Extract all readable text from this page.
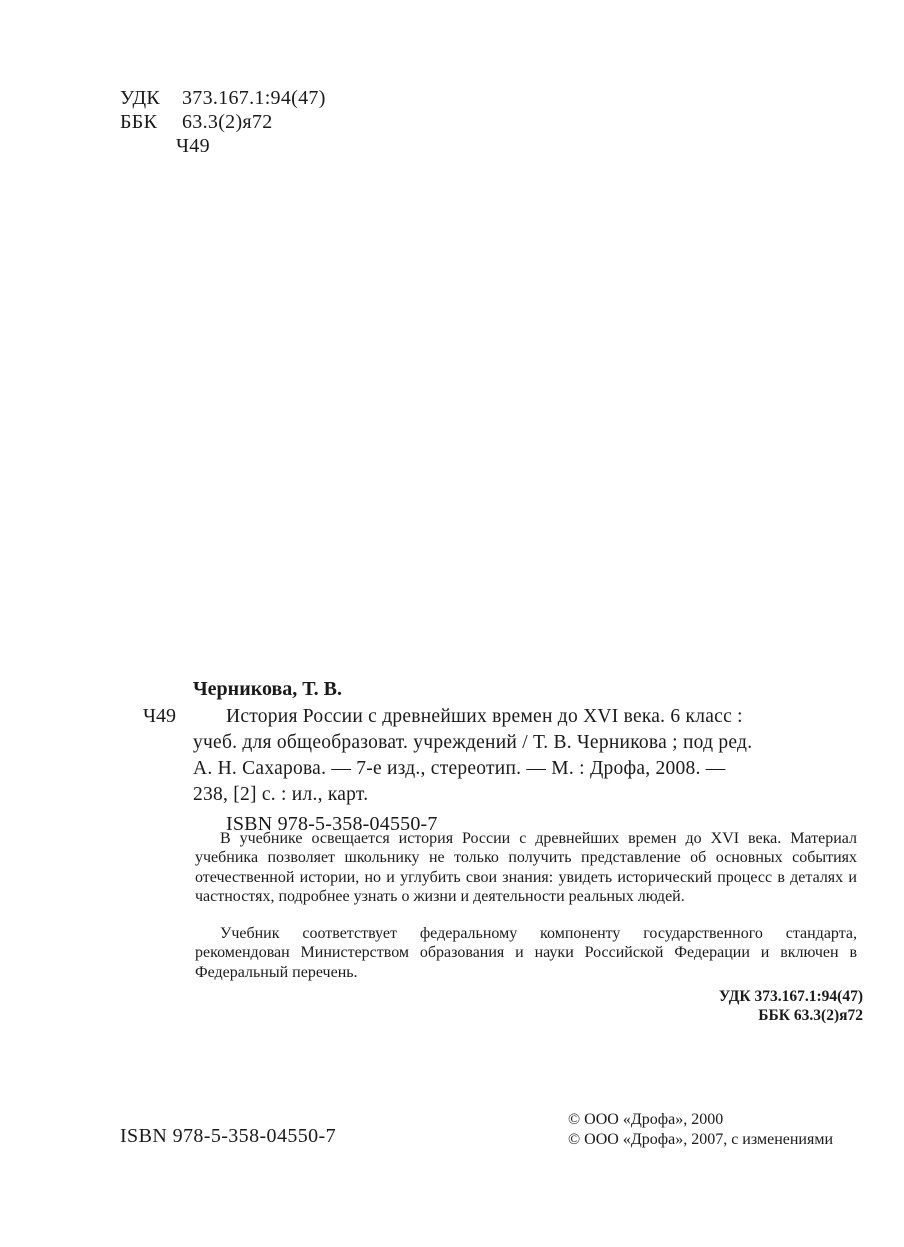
УДК 373.167.1:94(47)
ББК 63.3(2)я72
Ч49
Черникова, Т. В.
Ч49	История России с древнейших времен до XVI века. 6 класс :
учеб. для общеобразоват. учреждений / Т. В. Черникова ; под ред.
А. Н. Сахарова. — 7-е изд., стереотип. — М. : Дрофа, 2008. —
238, [2] с. : ил., карт.
ISBN 978-5-358-04550-7
В учебнике освещается история России с древнейших времен до XVI века. Материал учебника позволяет школьнику не только получить представление об основных событиях отечественной истории, но и углубить свои знания: увидеть исторический процесс в деталях и частностях, подробнее узнать о жизни и деятельности реальных людей.
Учебник соответствует федеральному компоненту государственного стандарта, рекомендован Министерством образования и науки Российской Федерации и включен в Федеральный перечень.
УДК 373.167.1:94(47)
ББК 63.3(2)я72
ISBN 978-5-358-04550-7
© ООО «Дрофа», 2000
© ООО «Дрофа», 2007, с изменениями
